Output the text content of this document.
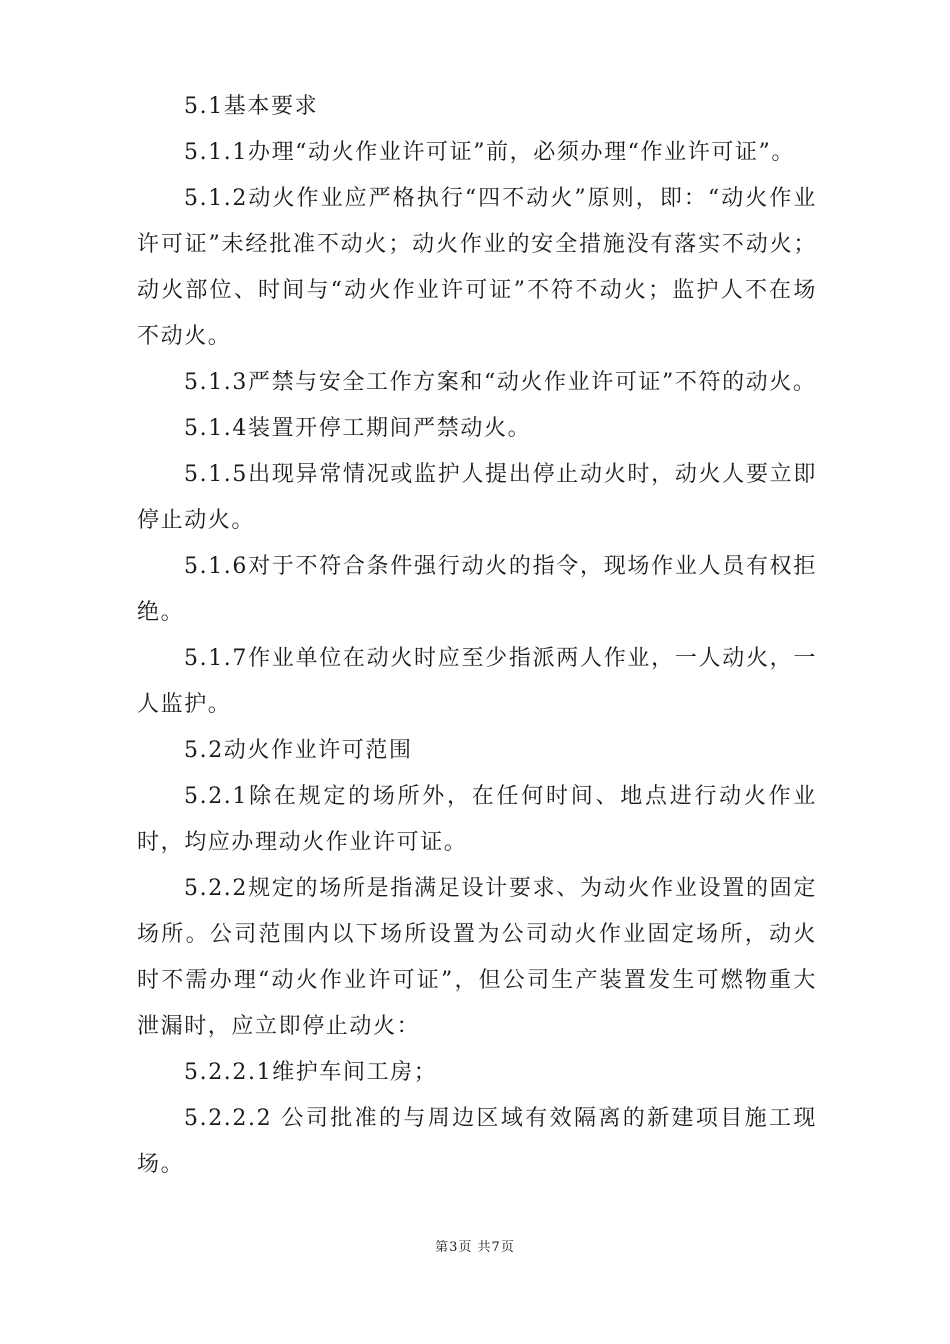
5.1基本要求

5.1.1办理“动火作业许可证”前，必须办理“作业许可证”。

5.1.2动火作业应严格执行“四不动火”原则，即：“动火作业许可证”未经批准不动火；动火作业的安全措施没有落实不动火；动火部位、时间与“动火作业许可证”不符不动火；监护人不在场不动火。

5.1.3严禁与安全工作方案和“动火作业许可证”不符的动火。

5.1.4装置开停工期间严禁动火。

5.1.5出现异常情况或监护人提出停止动火时，动火人要立即停止动火。

5.1.6对于不符合条件强行动火的指令，现场作业人员有权拒绝。

5.1.7作业单位在动火时应至少指派两人作业，一人动火，一人监护。

5.2动火作业许可范围

5.2.1除在规定的场所外，在任何时间、地点进行动火作业时，均应办理动火作业许可证。

5.2.2规定的场所是指满足设计要求、为动火作业设置的固定场所。公司范围内以下场所设置为公司动火作业固定场所，动火时不需办理“动火作业许可证”，但公司生产装置发生可燃物重大泄漏时，应立即停止动火：

5.2.2.1维护车间工房；

5.2.2.2 公司批准的与周边区域有效隔离的新建项目施工现场。

第3页 共7页
